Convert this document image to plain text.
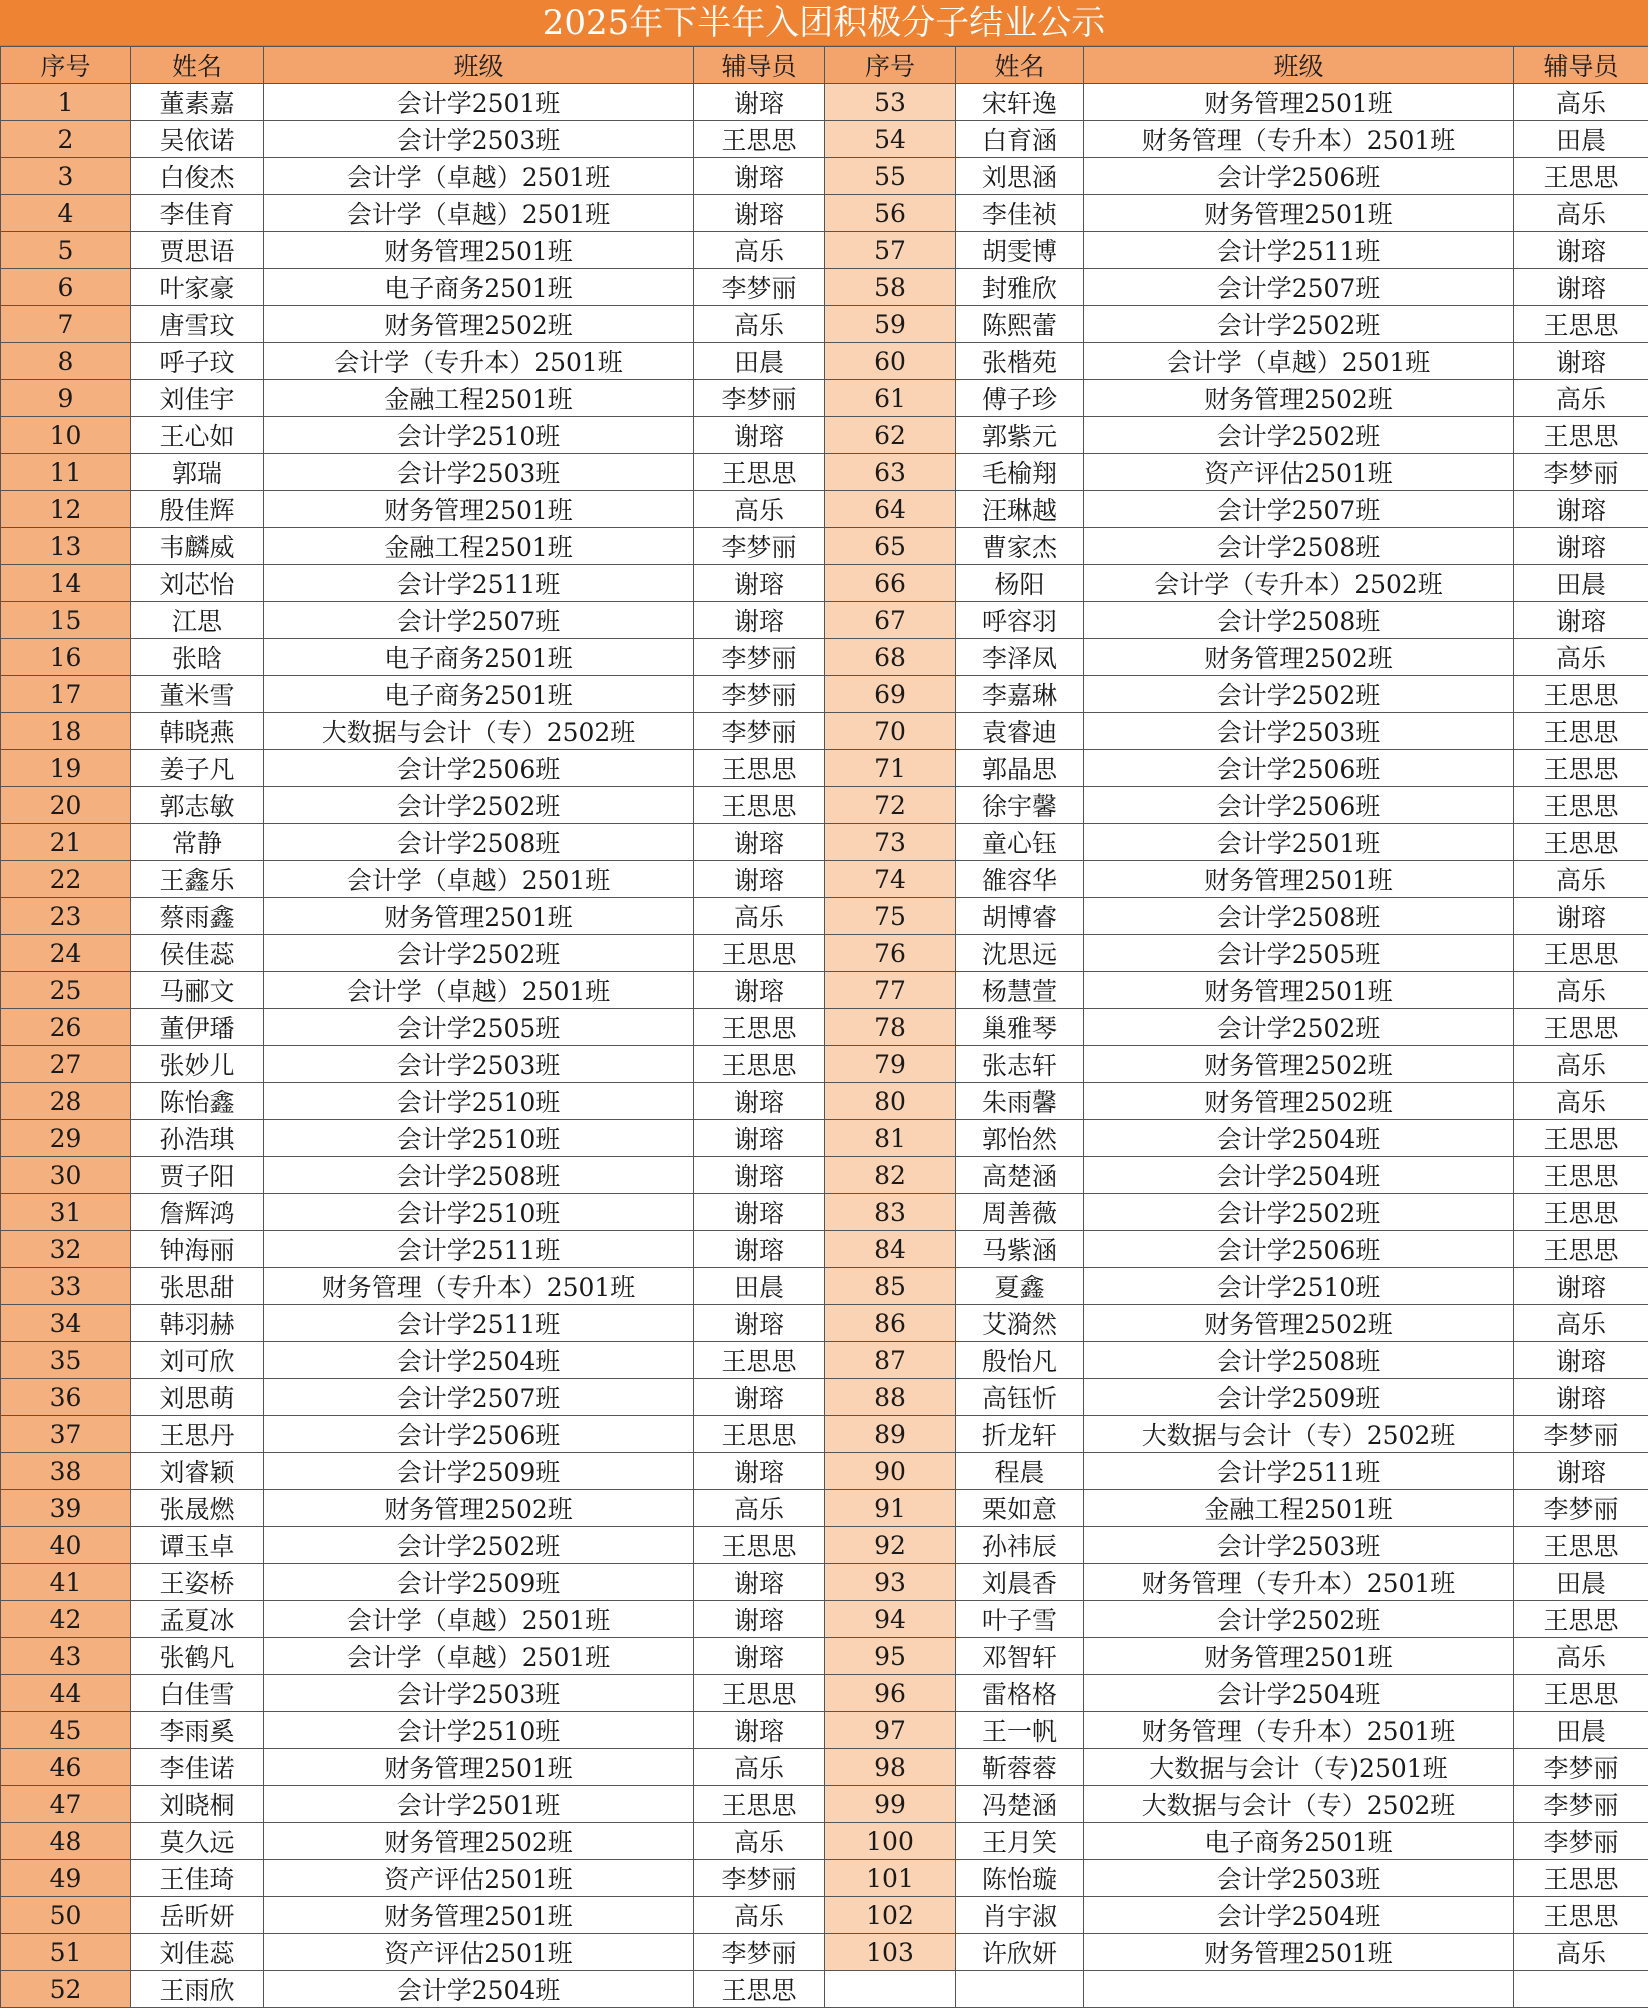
2025年下半年入团积极分子结业公示
序号	姓名	班级	辅导员	序号	姓名	班级	辅导员
1	董素嘉	会计学2501班	谢瑢	53	宋轩逸	财务管理2501班	高乐
2	吴依诺	会计学2503班	王思思	54	白育涵	财务管理（专升本）2501班	田晨
3	白俊杰	会计学（卓越）2501班	谢瑢	55	刘思涵	会计学2506班	王思思
4	李佳育	会计学（卓越）2501班	谢瑢	56	李佳祯	财务管理2501班	高乐
5	贾思语	财务管理2501班	高乐	57	胡雯博	会计学2511班	谢瑢
6	叶家豪	电子商务2501班	李梦丽	58	封雅欣	会计学2507班	谢瑢
7	唐雪玟	财务管理2502班	高乐	59	陈熙蕾	会计学2502班	王思思
8	呼子玟	会计学（专升本）2501班	田晨	60	张楷苑	会计学（卓越）2501班	谢瑢
9	刘佳宇	金融工程2501班	李梦丽	61	傅子珍	财务管理2502班	高乐
10	王心如	会计学2510班	谢瑢	62	郭紫元	会计学2502班	王思思
11	郭瑞	会计学2503班	王思思	63	毛榆翔	资产评估2501班	李梦丽
12	殷佳辉	财务管理2501班	高乐	64	汪琳越	会计学2507班	谢瑢
13	韦麟威	金融工程2501班	李梦丽	65	曹家杰	会计学2508班	谢瑢
14	刘芯怡	会计学2511班	谢瑢	66	杨阳	会计学（专升本）2502班	田晨
15	江思	会计学2507班	谢瑢	67	呼容羽	会计学2508班	谢瑢
16	张晗	电子商务2501班	李梦丽	68	李泽凤	财务管理2502班	高乐
17	董米雪	电子商务2501班	李梦丽	69	李嘉琳	会计学2502班	王思思
18	韩晓燕	大数据与会计（专）2502班	李梦丽	70	袁睿迪	会计学2503班	王思思
19	姜子凡	会计学2506班	王思思	71	郭晶思	会计学2506班	王思思
20	郭志敏	会计学2502班	王思思	72	徐宇馨	会计学2506班	王思思
21	常静	会计学2508班	谢瑢	73	童心钰	会计学2501班	王思思
22	王鑫乐	会计学（卓越）2501班	谢瑢	74	雒容华	财务管理2501班	高乐
23	蔡雨鑫	财务管理2501班	高乐	75	胡博睿	会计学2508班	谢瑢
24	侯佳蕊	会计学2502班	王思思	76	沈思远	会计学2505班	王思思
25	马郦文	会计学（卓越）2501班	谢瑢	77	杨慧萱	财务管理2501班	高乐
26	董伊璠	会计学2505班	王思思	78	巢雅琴	会计学2502班	王思思
27	张妙儿	会计学2503班	王思思	79	张志轩	财务管理2502班	高乐
28	陈怡鑫	会计学2510班	谢瑢	80	朱雨馨	财务管理2502班	高乐
29	孙浩琪	会计学2510班	谢瑢	81	郭怡然	会计学2504班	王思思
30	贾子阳	会计学2508班	谢瑢	82	高楚涵	会计学2504班	王思思
31	詹辉鸿	会计学2510班	谢瑢	83	周善薇	会计学2502班	王思思
32	钟海丽	会计学2511班	谢瑢	84	马紫涵	会计学2506班	王思思
33	张思甜	财务管理（专升本）2501班	田晨	85	夏鑫	会计学2510班	谢瑢
34	韩羽赫	会计学2511班	谢瑢	86	艾漪然	财务管理2502班	高乐
35	刘可欣	会计学2504班	王思思	87	殷怡凡	会计学2508班	谢瑢
36	刘思萌	会计学2507班	谢瑢	88	高钰忻	会计学2509班	谢瑢
37	王思丹	会计学2506班	王思思	89	折龙轩	大数据与会计（专）2502班	李梦丽
38	刘睿颖	会计学2509班	谢瑢	90	程晨	会计学2511班	谢瑢
39	张晟燃	财务管理2502班	高乐	91	栗如意	金融工程2501班	李梦丽
40	谭玉卓	会计学2502班	王思思	92	孙祎辰	会计学2503班	王思思
41	王姿桥	会计学2509班	谢瑢	93	刘晨香	财务管理（专升本）2501班	田晨
42	孟夏冰	会计学（卓越）2501班	谢瑢	94	叶子雪	会计学2502班	王思思
43	张鹤凡	会计学（卓越）2501班	谢瑢	95	邓智轩	财务管理2501班	高乐
44	白佳雪	会计学2503班	王思思	96	雷格格	会计学2504班	王思思
45	李雨奚	会计学2510班	谢瑢	97	王一帆	财务管理（专升本）2501班	田晨
46	李佳诺	财务管理2501班	高乐	98	靳蓉蓉	大数据与会计（专)2501班	李梦丽
47	刘晓桐	会计学2501班	王思思	99	冯楚涵	大数据与会计（专）2502班	李梦丽
48	莫久远	财务管理2502班	高乐	100	王月笑	电子商务2501班	李梦丽
49	王佳琦	资产评估2501班	李梦丽	101	陈怡璇	会计学2503班	王思思
50	岳昕妍	财务管理2501班	高乐	102	肖宇淑	会计学2504班	王思思
51	刘佳蕊	资产评估2501班	李梦丽	103	许欣妍	财务管理2501班	高乐
52	王雨欣	会计学2504班	王思思				
